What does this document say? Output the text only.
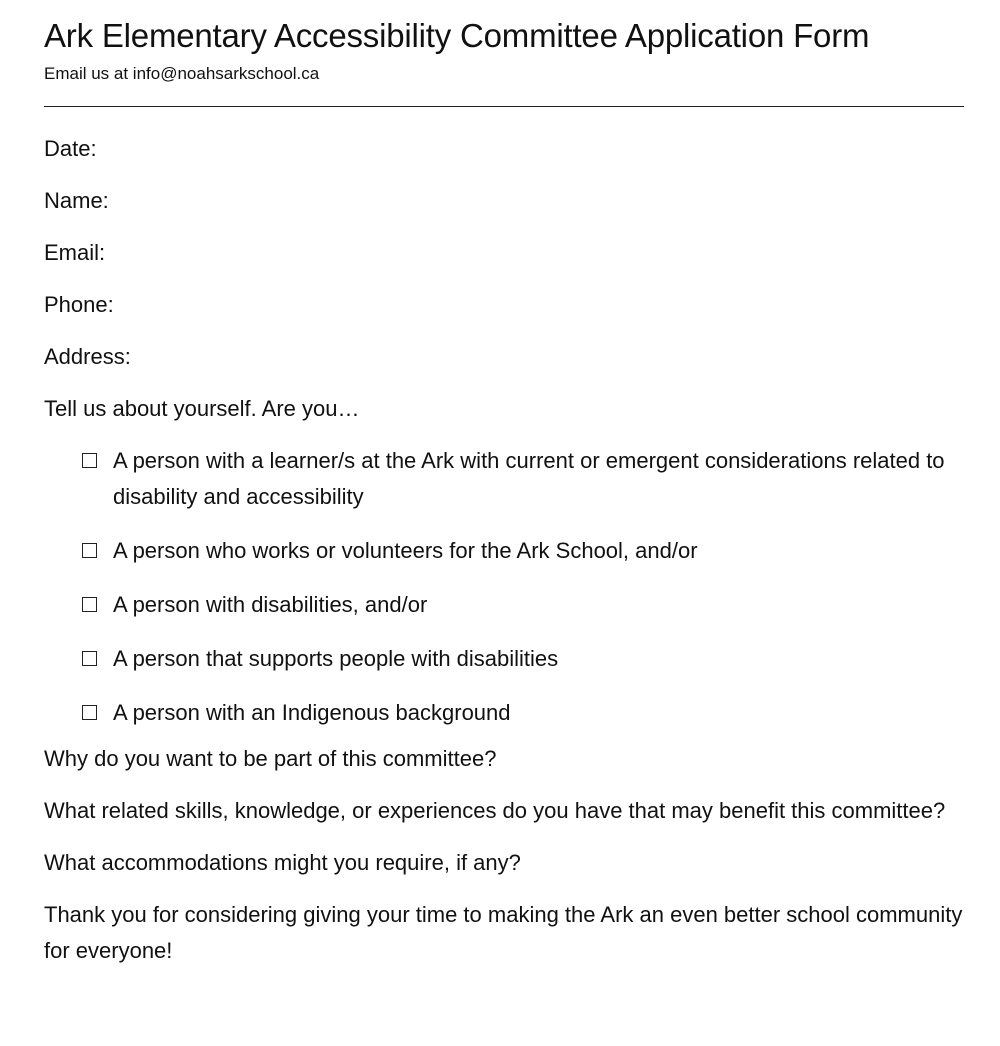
Ark Elementary Accessibility Committee Application Form

Email us at info@noahsarkschool.ca

Date:

Name:

Email:

Phone:

Address:

Tell us about yourself. Are you…

A person with a learner/s at the Ark with current or emergent considerations related to disability and accessibility
A person who works or volunteers for the Ark School, and/or
A person with disabilities, and/or
A person that supports people with disabilities
A person with an Indigenous background

Why do you want to be part of this committee?

What related skills, knowledge, or experiences do you have that may benefit this committee?

What accommodations might you require, if any?

Thank you for considering giving your time to making the Ark an even better school community for everyone!
